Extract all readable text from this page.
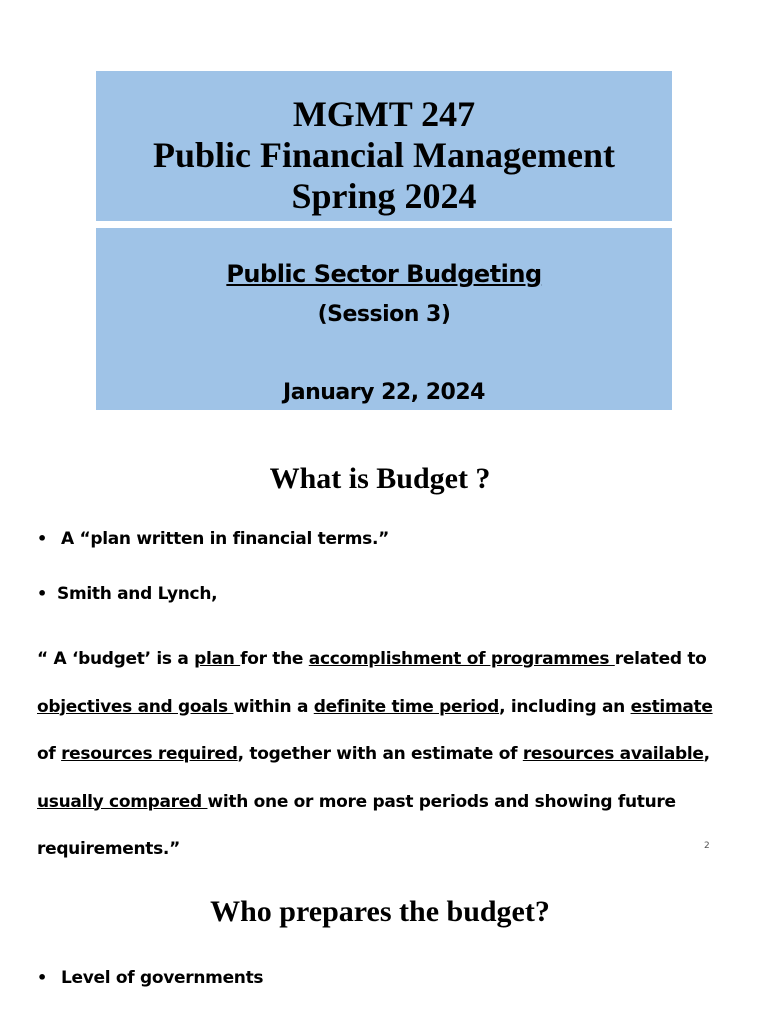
MGMT 247

Public Financial Management

Spring 2024

Public Sector Budgeting
(Session 3)
January 22, 2024
What is Budget ?
• A “plan written in financial terms.”
• Smith and Lynch,
“ A ‘budget’ is a plan for the accomplishment of programmes related to objectives and goals within a definite time period, including an estimate of resources required, together with an estimate of resources available, usually compared with one or more past periods and showing future requirements.”	2
Who prepares the budget?
• Level of governments
